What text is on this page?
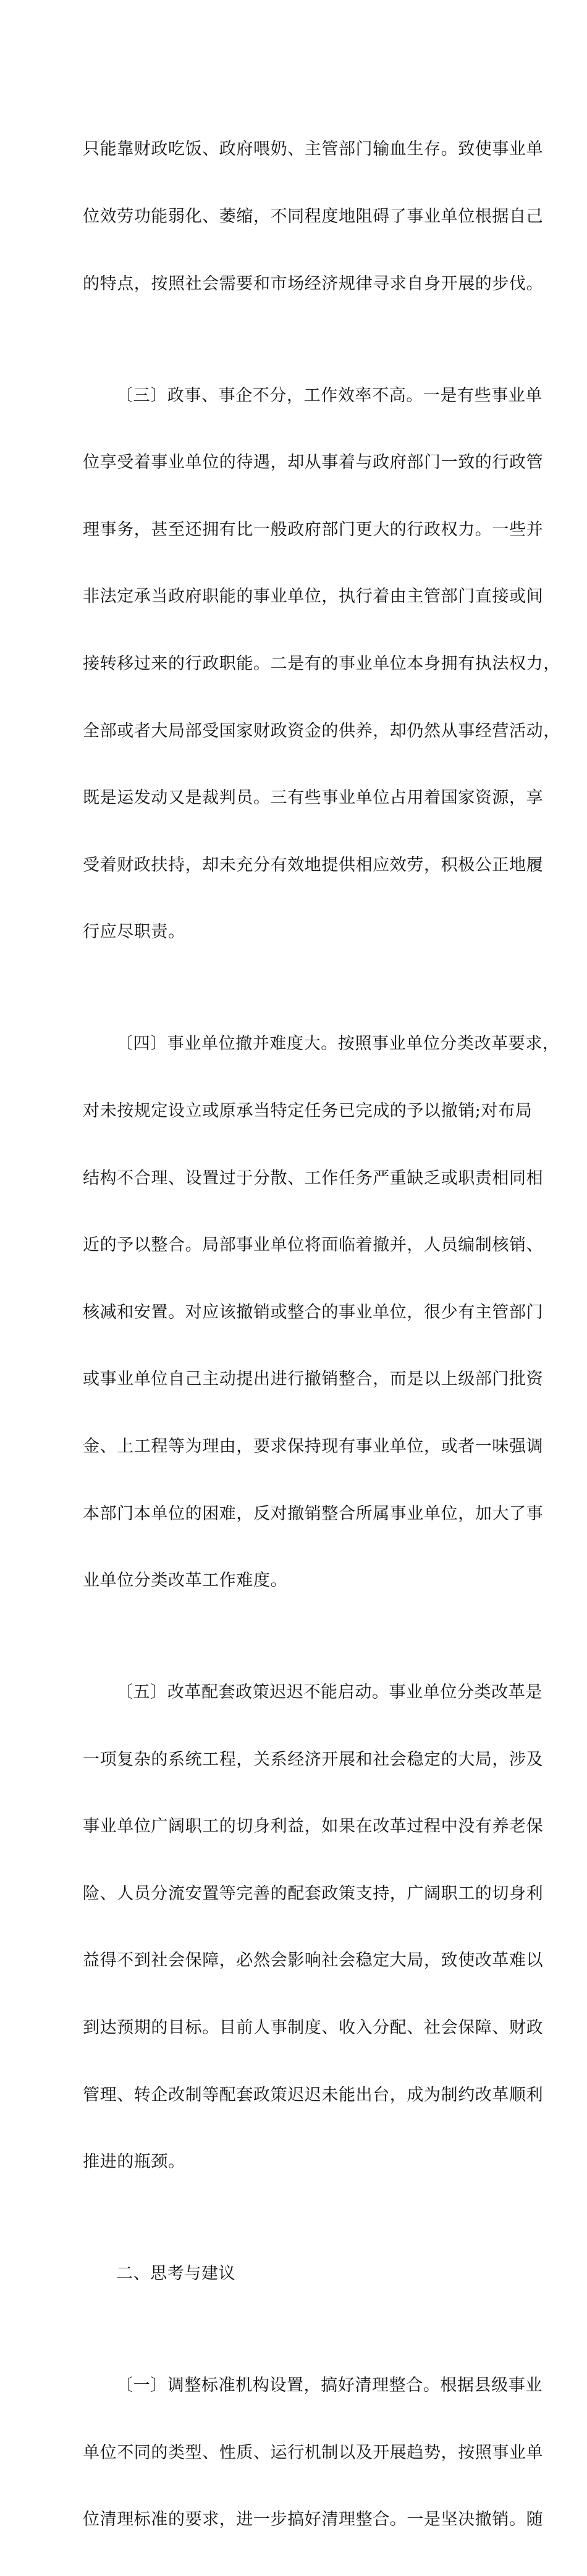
只能靠财政吃饭、政府喂奶、主管部门输血生存。致使事业单

位效劳功能弱化、萎缩，不同程度地阻碍了事业单位根据自己

的特点，按照社会需要和市场经济规律寻求自身开展的步伐。

〔三〕政事、事企不分，工作效率不高。一是有些事业单

位享受着事业单位的待遇，却从事着与政府部门一致的行政管

理事务，甚至还拥有比一般政府部门更大的行政权力。一些并

非法定承当政府职能的事业单位，执行着由主管部门直接或间

接转移过来的行政职能。二是有的事业单位本身拥有执法权力，

全部或者大局部受国家财政资金的供养，却仍然从事经营活动，

既是运发动又是裁判员。三有些事业单位占用着国家资源，享

受着财政扶持，却未充分有效地提供相应效劳，积极公正地履

行应尽职责。

〔四〕事业单位撤并难度大。按照事业单位分类改革要求，

对未按规定设立或原承当特定任务已完成的予以撤销;对布局

结构不合理、设置过于分散、工作任务严重缺乏或职责相同相

近的予以整合。局部事业单位将面临着撤并，人员编制核销、

核减和安置。对应该撤销或整合的事业单位，很少有主管部门

或事业单位自己主动提出进行撤销整合，而是以上级部门批资

金、上工程等为理由，要求保持现有事业单位，或者一味强调

本部门本单位的困难，反对撤销整合所属事业单位，加大了事

业单位分类改革工作难度。

〔五〕改革配套政策迟迟不能启动。事业单位分类改革是

一项复杂的系统工程，关系经济开展和社会稳定的大局，涉及

事业单位广阔职工的切身利益，如果在改革过程中没有养老保

险、人员分流安置等完善的配套政策支持，广阔职工的切身利

益得不到社会保障，必然会影响社会稳定大局，致使改革难以

到达预期的目标。目前人事制度、收入分配、社会保障、财政

管理、转企改制等配套政策迟迟未能出台，成为制约改革顺利

推进的瓶颈。

二、思考与建议

〔一〕调整标准机构设置，搞好清理整合。根据县级事业

单位不同的类型、性质、运行机制以及开展趋势，按照事业单

位清理标准的要求，进一步搞好清理整合。一是坚决撤销。随
